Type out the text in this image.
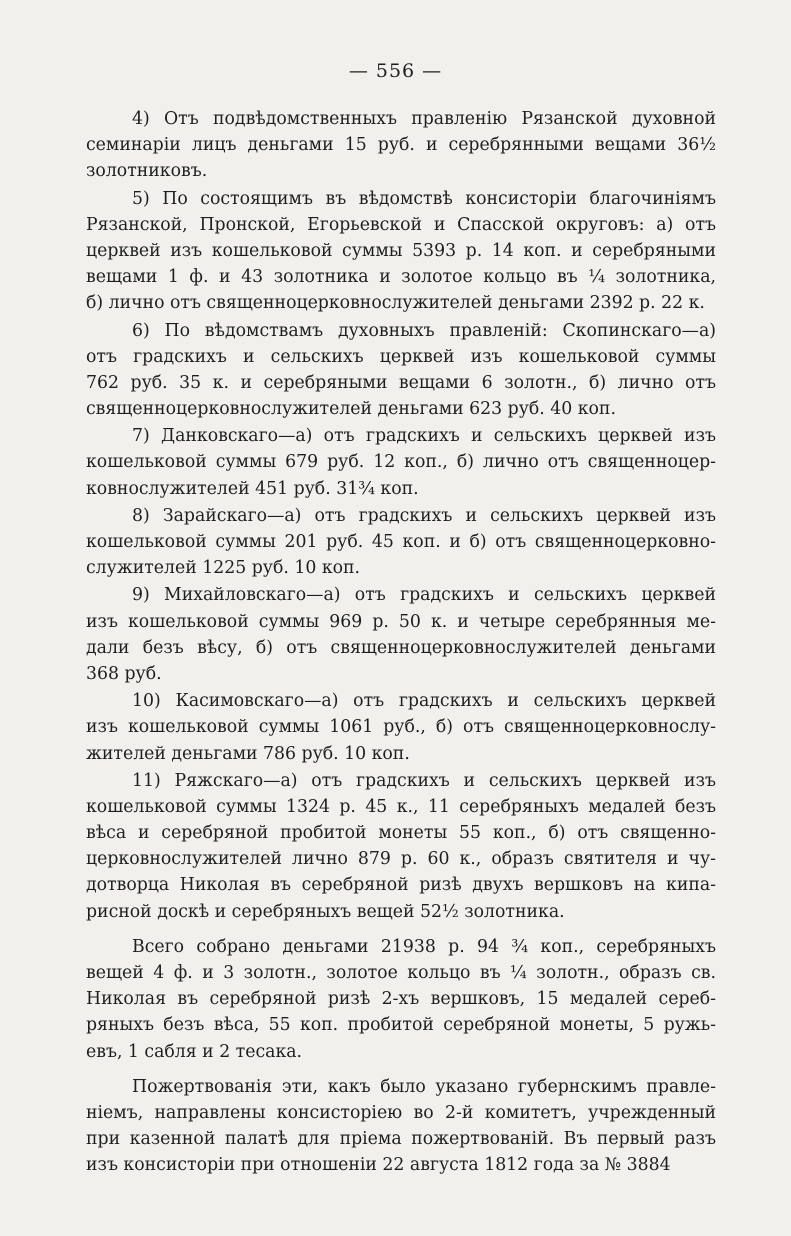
— 556 —
4) Отъ подвѣдомственныхъ правленію Рязанской духовной
семинаріи лицъ деньгами 15 руб. и серебрянными вещами 36½
золотниковъ.
5) По состоящимъ въ вѣдомствѣ консисторіи благочиніямъ
Рязанской, Пронской, Егорьевской и Спасской округовъ: а) отъ
церквей изъ кошельковой суммы 5393 р. 14 коп. и серебряными
вещами 1 ф. и 43 золотника и золотое кольцо въ ¼ золотника,
б) лично отъ священноцерковнослужителей деньгами 2392 р. 22 к.
6) По вѣдомствамъ духовныхъ правленій: Скопинскаго—а)
отъ градскихъ и сельскихъ церквей изъ кошельковой суммы
762 руб. 35 к. и серебряными вещами 6 золотн., б) лично отъ
священноцерковнослужителей деньгами 623 руб. 40 коп.
7) Данковскаго—а) отъ градскихъ и сельскихъ церквей изъ
кошельковой суммы 679 руб. 12 коп., б) лично отъ священноцер-
ковнослужителей 451 руб. 31¾ коп.
8) Зарайскаго—а) отъ градскихъ и сельскихъ церквей изъ
кошельковой суммы 201 руб. 45 коп. и б) отъ священноцерковно-
служителей 1225 руб. 10 коп.
9) Михайловскаго—а) отъ градскихъ и сельскихъ церквей
изъ кошельковой суммы 969 р. 50 к. и четыре серебрянныя ме-
дали безъ вѣсу, б) отъ священноцерковнослужителей деньгами
368 руб.
10) Касимовскаго—а) отъ градскихъ и сельскихъ церквей
изъ кошельковой суммы 1061 руб., б) отъ священноцерковнослу-
жителей деньгами 786 руб. 10 коп.
11) Ряжскаго—а) отъ градскихъ и сельскихъ церквей изъ
кошельковой суммы 1324 р. 45 к., 11 серебряныхъ медалей безъ
вѣса и серебряной пробитой монеты 55 коп., б) отъ священно-
церковнослужителей лично 879 р. 60 к., образъ святителя и чу-
дотворца Николая въ серебряной ризѣ двухъ вершковъ на кипа-
рисной доскѣ и серебряныхъ вещей 52½ золотника.
Всего собрано деньгами 21938 р. 94 ¾ коп., серебряныхъ
вещей 4 ф. и 3 золотн., золотое кольцо въ ¼ золотн., образъ св.
Николая въ серебряной ризѣ 2-хъ вершковъ, 15 медалей сереб-
ряныхъ безъ вѣса, 55 коп. пробитой серебряной монеты, 5 ружь-
евъ, 1 сабля и 2 тесака.
Пожертвованія эти, какъ было указано губернскимъ правле-
ніемъ, направлены консисторіею во 2-й комитетъ, учрежденный
при казенной палатѣ для пріема пожертвованій. Въ первый разъ
изъ консисторіи при отношеніи 22 августа 1812 года за № 3884
